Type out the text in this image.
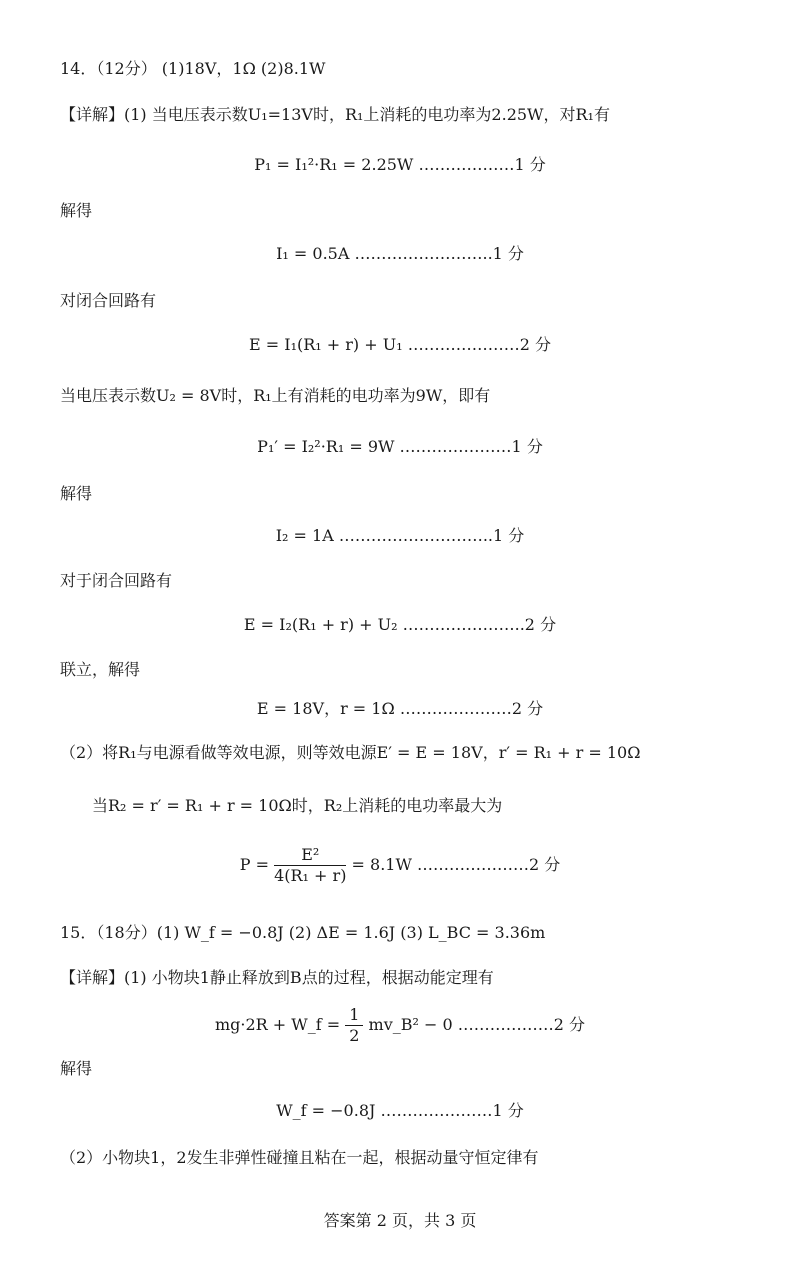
14．（12分） (1)18V，1Ω (2)8.1W
【详解】(1) 当电压表示数U₁=13V时，R₁上消耗的电功率为2.25W，对R₁有
P₁ = I₁²·R₁ = 2.25W ………………1 分
解得
I₁ = 0.5A ……………………..1 分
对闭合回路有
E = I₁(R₁ + r) + U₁ …………………2 分
当电压表示数U₂ = 8V时，R₁上有消耗的电功率为9W，即有
P₁′ = I₂²·R₁ = 9W …………………1 分
解得
I₂ = 1A ………………………..1 分
对于闭合回路有
E = I₂(R₁ + r) + U₂ …………………..2 分
联立，解得
E = 18V，r = 1Ω …………………2 分
（2）将R₁与电源看做等效电源，则等效电源E′ = E = 18V，r′ = R₁ + r = 10Ω
当R₂ = r′ = R₁ + r = 10Ω时，R₂上消耗的电功率最大为
$P = \frac{\text{E²}}{\text{4(R₁ + r)}} = 8.1W$ …………………2 分
15．（18分）(1) W_f = −0.8J (2) ΔE = 1.6J (3) L_BC = 3.36m
【详解】(1) 小物块1静止释放到B点的过程，根据动能定理有
mg·2R + W_f = $\frac{1}{2}$ mv_B² − 0 ………………2 分
解得
W_f = −0.8J …………………1 分
（2）小物块1，2发生非弹性碰撞且粘在一起，根据动量守恒定律有
答案第 2 页，共 3 页
